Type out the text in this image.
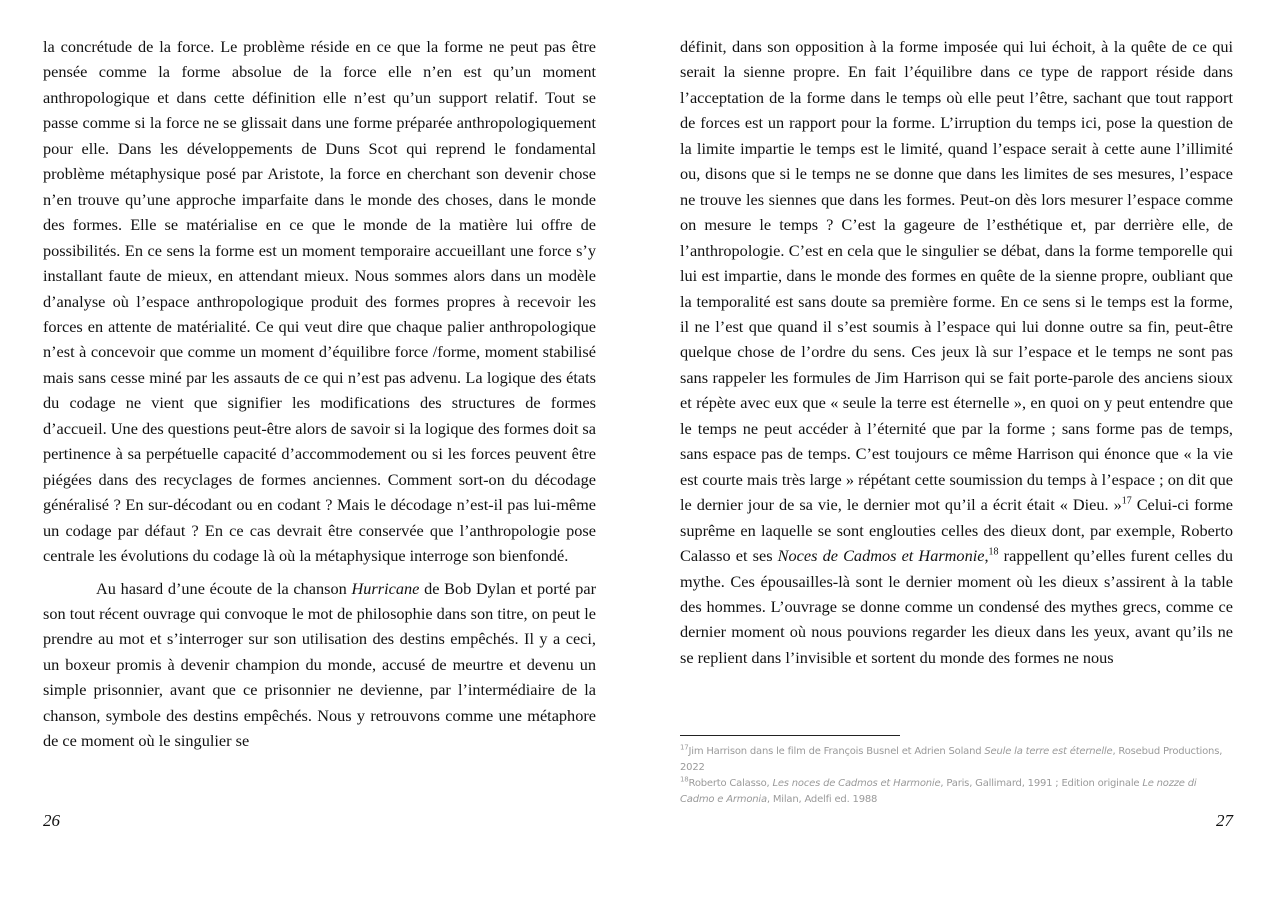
la concrétude de la force. Le problème réside en ce que la forme ne peut pas être pensée comme la forme absolue de la force elle n’en est qu’un moment anthropologique et dans cette définition elle n’est qu’un support relatif. Tout se passe comme si la force ne se glissait dans une forme préparée anthropologiquement pour elle. Dans les développements de Duns Scot qui reprend le fondamental problème métaphysique posé par Aristote, la force en cherchant son devenir chose n’en trouve qu’une approche imparfaite dans le monde des choses, dans le monde des formes. Elle se matérialise en ce que le monde de la matière lui offre de possibilités. En ce sens la forme est un moment temporaire accueillant une force s’y installant faute de mieux, en attendant mieux. Nous sommes alors dans un modèle d’analyse où l’espace anthropologique produit des formes propres à recevoir les forces en attente de matérialité. Ce qui veut dire que chaque palier anthropologique n’est à concevoir que comme un moment d’équilibre force /forme, moment stabilisé mais sans cesse miné par les assauts de ce qui n’est pas advenu. La logique des états du codage ne vient que signifier les modifications des structures de formes d’accueil. Une des questions peut-être alors de savoir si la logique des formes doit sa pertinence à sa perpétuelle capacité d’accommodement ou si les forces peuvent être piégées dans des recyclages de formes anciennes. Comment sort-on du décodage généralisé ? En sur-décodant ou en codant ? Mais le décodage n’est-il pas lui-même un codage par défaut ? En ce cas devrait être conservée que l’anthropologie pose centrale les évolutions du codage là où la métaphysique interroge son bienfondé.

Au hasard d’une écoute de la chanson Hurricane de Bob Dylan et porté par son tout récent ouvrage qui convoque le mot de philosophie dans son titre, on peut le prendre au mot et s’interroger sur son utilisation des destins empêchés. Il y a ceci, un boxeur promis à devenir champion du monde, accusé de meurtre et devenu un simple prisonnier, avant que ce prisonnier ne devienne, par l’intermédiaire de la chanson, symbole des destins empêchés. Nous y retrouvons comme une métaphore de ce moment où le singulier se

définit, dans son opposition à la forme imposée qui lui échoit, à la quête de ce qui serait la sienne propre. En fait l’équilibre dans ce type de rapport réside dans l’acceptation de la forme dans le temps où elle peut l’être, sachant que tout rapport de forces est un rapport pour la forme. L’irruption du temps ici, pose la question de la limite impartie le temps est le limité, quand l’espace serait à cette aune l’illimité ou, disons que si le temps ne se donne que dans les limites de ses mesures, l’espace ne trouve les siennes que dans les formes. Peut-on dès lors mesurer l’espace comme on mesure le temps ? C’est la gageure de l’esthétique et, par derrière elle, de l’anthropologie. C’est en cela que le singulier se débat, dans la forme temporelle qui lui est impartie, dans le monde des formes en quête de la sienne propre, oubliant que la temporalité est sans doute sa première forme. En ce sens si le temps est la forme, il ne l’est que quand il s’est soumis à l’espace qui lui donne outre sa fin, peut-être quelque chose de l’ordre du sens. Ces jeux là sur l’espace et le temps ne sont pas sans rappeler les formules de Jim Harrison qui se fait porte-parole des anciens sioux et répète avec eux que « seule la terre est éternelle », en quoi on y peut entendre que le temps ne peut accéder à l’éternité que par la forme ; sans forme pas de temps, sans espace pas de temps. C’est toujours ce même Harrison qui énonce que « la vie est courte mais très large » répétant cette soumission du temps à l’espace ; on dit que le dernier jour de sa vie, le dernier mot qu’il a écrit était « Dieu. »$^{17}$ Celui-ci forme suprême en laquelle se sont englouties celles des dieux dont, par exemple, Roberto Calasso et ses Noces de Cadmos et Harmonie,$^{18}$ rappellent qu’elles furent celles du mythe. Ces épousailles-là sont le dernier moment où les dieux s’assirent à la table des hommes. L’ouvrage se donne comme un condensé des mythes grecs, comme ce dernier moment où nous pouvions regarder les dieux dans les yeux, avant qu’ils ne se replient dans l’invisible et sortent du monde des formes ne nous

$^{17}$Jim Harrison dans le film de François Busnel et Adrien Soland Seule la terre est éternelle, Rosebud Productions, 2022

$^{18}$Roberto Calasso, Les noces de Cadmos et Harmonie, Paris, Gallimard, 1991 ; Edition originale Le nozze di Cadmo e Armonia, Milan, Adelfi ed. 1988

26	27
